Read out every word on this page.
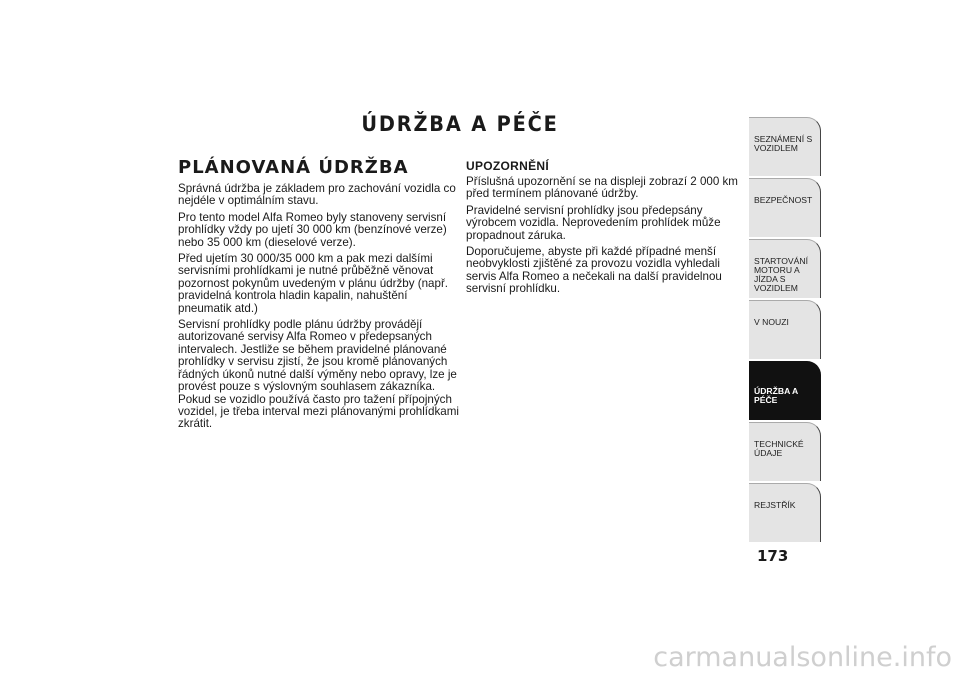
ÚDRŽBA A PÉČE
PLÁNOVANÁ ÚDRŽBA

Správná údržba je základem pro zachování vozidla co nejdéle v optimálním stavu.

Pro tento model Alfa Romeo byly stanoveny servisní prohlídky vždy po ujetí 30 000 km (benzínové verze) nebo 35 000 km (dieselové verze).

Před ujetím 30 000/35 000 km a pak mezi dalšími servisními prohlídkami je nutné průběžně věnovat pozornost pokynům uvedeným v plánu údržby (např. pravidelná kontrola hladin kapalin, nahuštění pneumatik atd.)

Servisní prohlídky podle plánu údržby provádějí autorizované servisy Alfa Romeo v předepsaných intervalech. Jestliže se během pravidelné plánované prohlídky v servisu zjistí, že jsou kromě plánovaných řádných úkonů nutné další výměny nebo opravy, lze je provést pouze s výslovným souhlasem zákazníka. Pokud se vozidlo používá často pro tažení přípojných vozidel, je třeba interval mezi plánovanými prohlídkami zkrátit.

UPOZORNĚNÍ

Příslušná upozornění se na displeji zobrazí 2 000 km před termínem plánované údržby.

Pravidelné servisní prohlídky jsou předepsány výrobcem vozidla. Neprovedením prohlídek může propadnout záruka.

Doporučujeme, abyste při každé případné menší neobvyklosti zjištěné za provozu vozidla vyhledali servis Alfa Romeo a nečekali na další pravidelnou servisní prohlídku.

SEZNÁMENÍ S VOZIDLEM
BEZPEČNOST
STARTOVÁNÍ MOTORU A JÍZDA S VOZIDLEM
V NOUZI
ÚDRŽBA A PÉČE
TECHNICKÉ ÚDAJE
REJSTŘÍK
173
carmanualsonline.info
